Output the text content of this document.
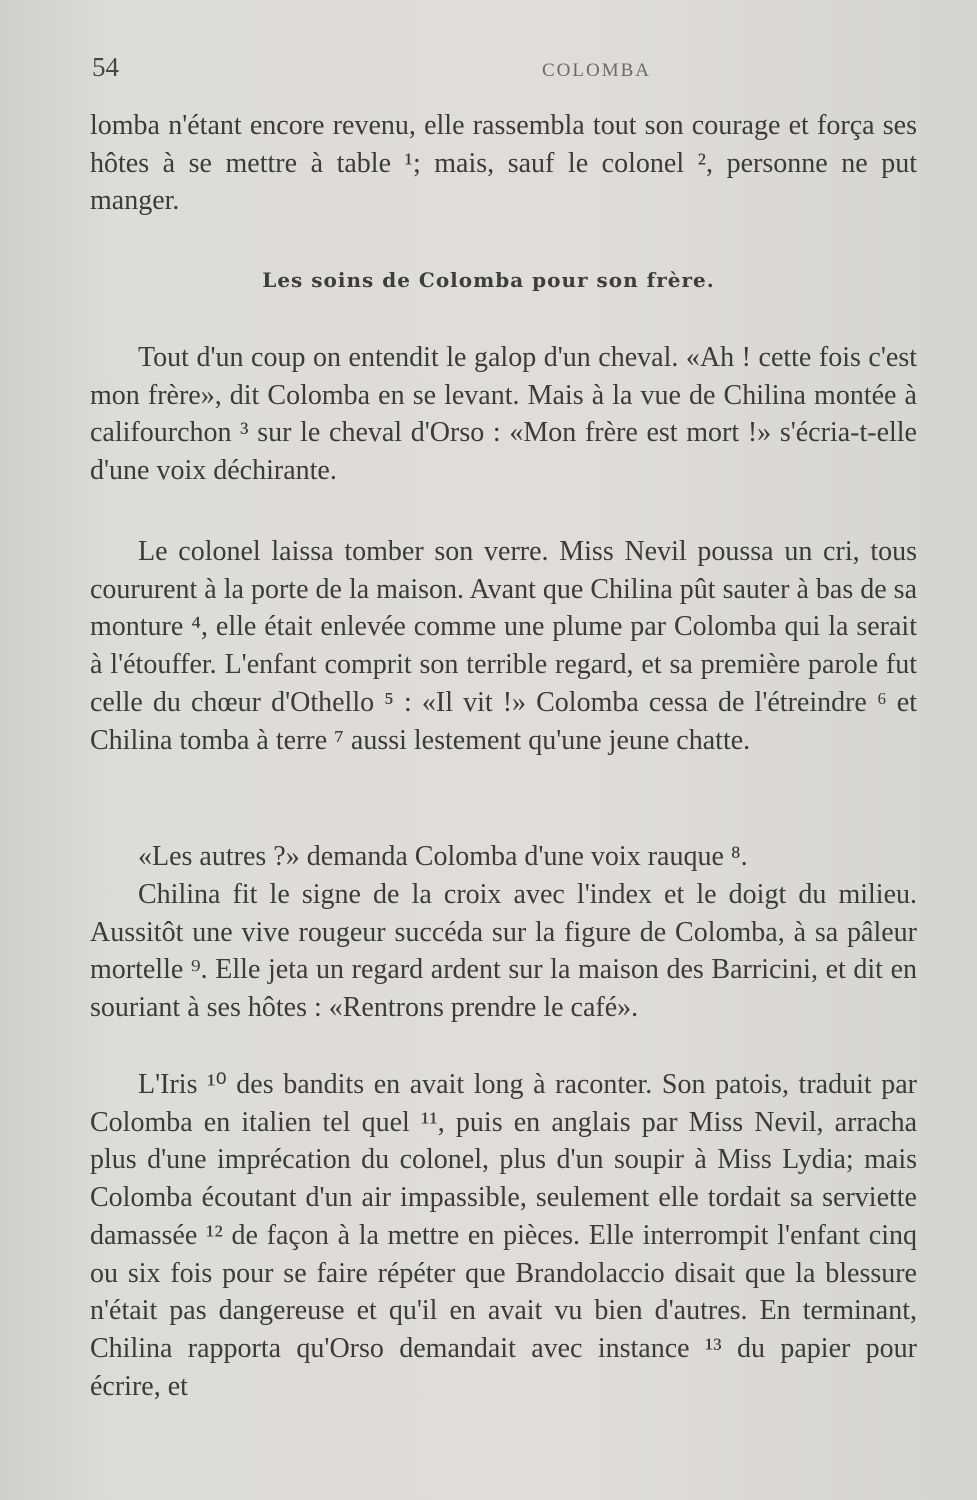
54	COLOMBA

lomba n'étant encore revenu, elle rassembla tout son courage et força ses hôtes à se mettre à table ¹; mais, sauf le colonel ², personne ne put manger.

Les soins de Colomba pour son frère.

Tout d'un coup on entendit le galop d'un cheval. «Ah ! cette fois c'est mon frère», dit Colomba en se levant. Mais à la vue de Chilina montée à califourchon ³ sur le cheval d'Orso : «Mon frère est mort !» s'écria-t-elle d'une voix déchirante.

Le colonel laissa tomber son verre. Miss Nevil poussa un cri, tous coururent à la porte de la maison. Avant que Chilina pût sauter à bas de sa monture ⁴, elle était enlevée comme une plume par Colomba qui la serait à l'étouffer. L'enfant comprit son terrible regard, et sa première parole fut celle du chœur d'Othello ⁵ : «Il vit !» Colomba cessa de l'étreindre ⁶ et Chilina tomba à terre ⁷ aussi lestement qu'une jeune chatte.

«Les autres ?» demanda Colomba d'une voix rauque ⁸.

Chilina fit le signe de la croix avec l'index et le doigt du milieu. Aussitôt une vive rougeur succéda sur la figure de Colomba, à sa pâleur mortelle ⁹. Elle jeta un regard ardent sur la maison des Barricini, et dit en souriant à ses hôtes : «Rentrons prendre le café».

L'Iris ¹⁰ des bandits en avait long à raconter. Son patois, traduit par Colomba en italien tel quel ¹¹, puis en anglais par Miss Nevil, arracha plus d'une imprécation du colonel, plus d'un soupir à Miss Lydia; mais Colomba écoutant d'un air impassible, seulement elle tordait sa serviette damassée ¹² de façon à la mettre en pièces. Elle interrompit l'enfant cinq ou six fois pour se faire répéter que Brandolaccio disait que la blessure n'était pas dangereuse et qu'il en avait vu bien d'autres. En terminant, Chilina rapporta qu'Orso demandait avec instance ¹³ du papier pour écrire, et
